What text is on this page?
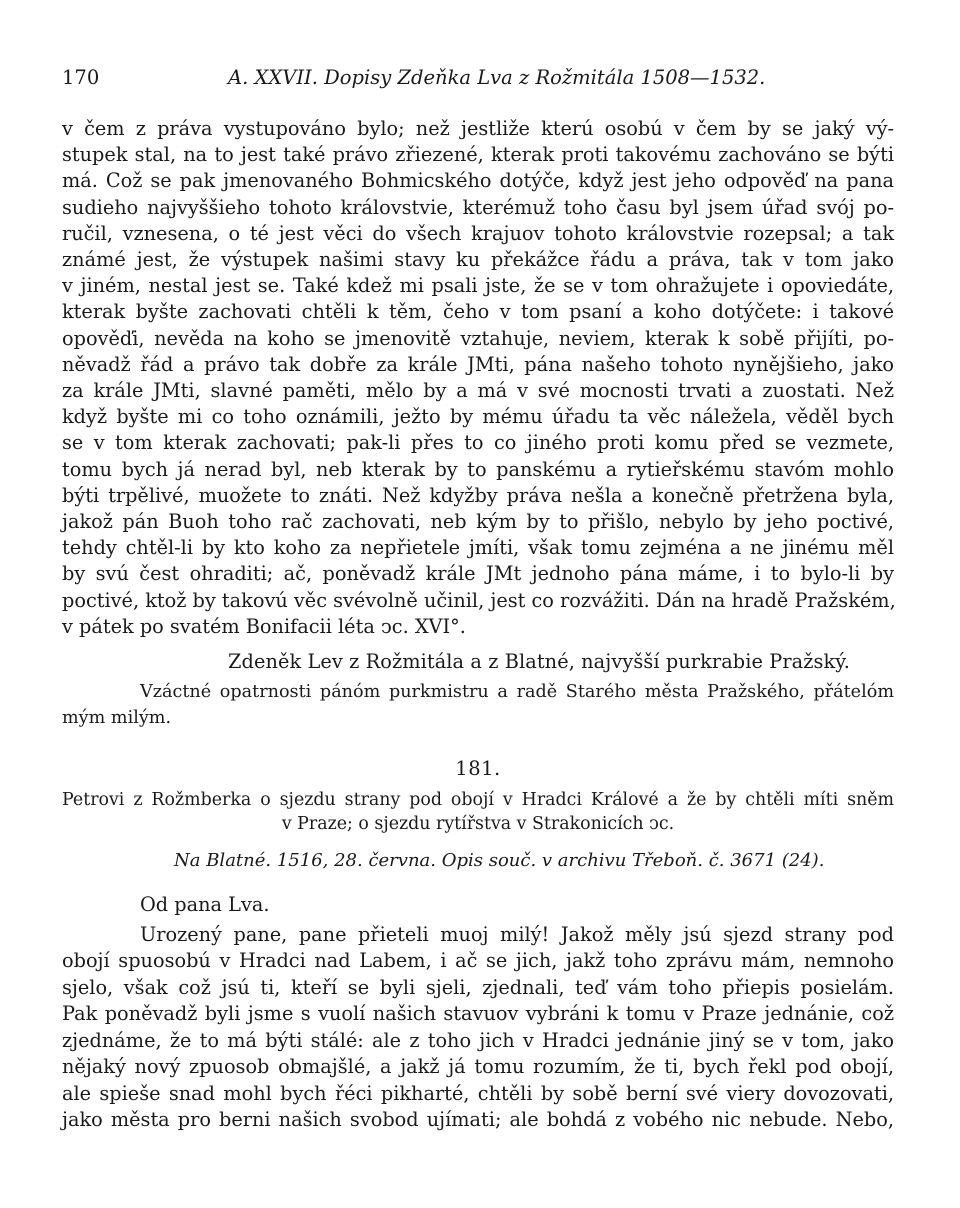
170	A. XXVII. Dopisy Zdeňka Lva z Rožmitála 1508—1532.
v čem z práva vystupováno bylo; než jestliže kterú osobú v čem by se jaký vý-
stupek stal, na to jest také právo zřiezené, kterak proti takovému zachováno se býti
má. Což se pak jmenovaného Bohmicského dotýče, když jest jeho odpověď na pana
sudieho najvyššieho tohoto královstvie, kterémuž toho času byl jsem úřad svój po-
ručil, vznesena, o té jest věci do všech krajuov tohoto královstvie rozepsal; a tak
známé jest, že výstupek našimi stavy ku překážce řádu a práva, tak v tom jako
v jiném, nestal jest se. Také kdež mi psali jste, že se v tom ohražujete i opoviedáte,
kterak byšte zachovati chtěli k těm, čeho v tom psaní a koho dotýčete: i takové
opověďi, nevěda na koho se jmenovitě vztahuje, neviem, kterak k sobě přijíti, po-
něvadž řád a právo tak dobře za krále JMti, pána našeho tohoto nynějšieho, jako
za krále JMti, slavné paměti, mělo by a má v své mocnosti trvati a zuostati. Než
když byšte mi co toho oznámili, ježto by mému úřadu ta věc náležela, věděl bych
se v tom kterak zachovati; pak-li přes to co jiného proti komu před se vezmete,
tomu bych já nerad byl, neb kterak by to panskému a rytieřskému stavóm mohlo
býti trpělivé, muožete to znáti. Než kdyžby práva nešla a konečně přetržena byla,
jakož pán Buoh toho rač zachovati, neb kým by to přišlo, nebylo by jeho poctivé,
tehdy chtěl-li by kto koho za nepřietele jmíti, však tomu zejména a ne jinému měl
by svú čest ohraditi; ač, poněvadž krále JMt jednoho pána máme, i to bylo-li by
poctivé, ktož by takovú věc svévolně učinil, jest co rozvážiti. Dán na hradě Pražském,
v pátek po svatém Bonifacii léta ↄc. XVI°.
Zdeněk Lev z Rožmitála a z Blatné, najvyšší purkrabie Pražský.
Vzáctné opatrnosti pánóm purkmistru a radě Starého města Pražského, přátelóm
mým milým.
181.
Petrovi z Rožmberka o sjezdu strany pod obojí v Hradci Králové a že by chtěli míti sněm
v Praze; o sjezdu rytířstva v Strakonicích ↄc.
Na Blatné. 1516, 28. června. Opis souč. v archivu Třeboň. č. 3671 (24).
Od pana Lva.
Urozený pane, pane přieteli muoj milý! Jakož měly jsú sjezd strany pod
obojí spuosobú v Hradci nad Labem, i ač se jich, jakž toho zprávu mám, nemnoho
sjelo, však což jsú ti, kteří se byli sjeli, zjednali, teď vám toho přiepis posielám.
Pak poněvadž byli jsme s vuolí našich stavuov vybráni k tomu v Praze jednánie, což
zjednáme, že to má býti stálé: ale z toho jich v Hradci jednánie jiný se v tom, jako
nějaký nový zpuosob obmajšlé, a jakž já tomu rozumím, že ti, bych řekl pod obojí,
ale spieše snad mohl bych řéci pikharté, chtěli by sobě berní své viery dovozovati,
jako města pro berni našich svobod ujímati; ale bohdá z vobého nic nebude. Nebo,
